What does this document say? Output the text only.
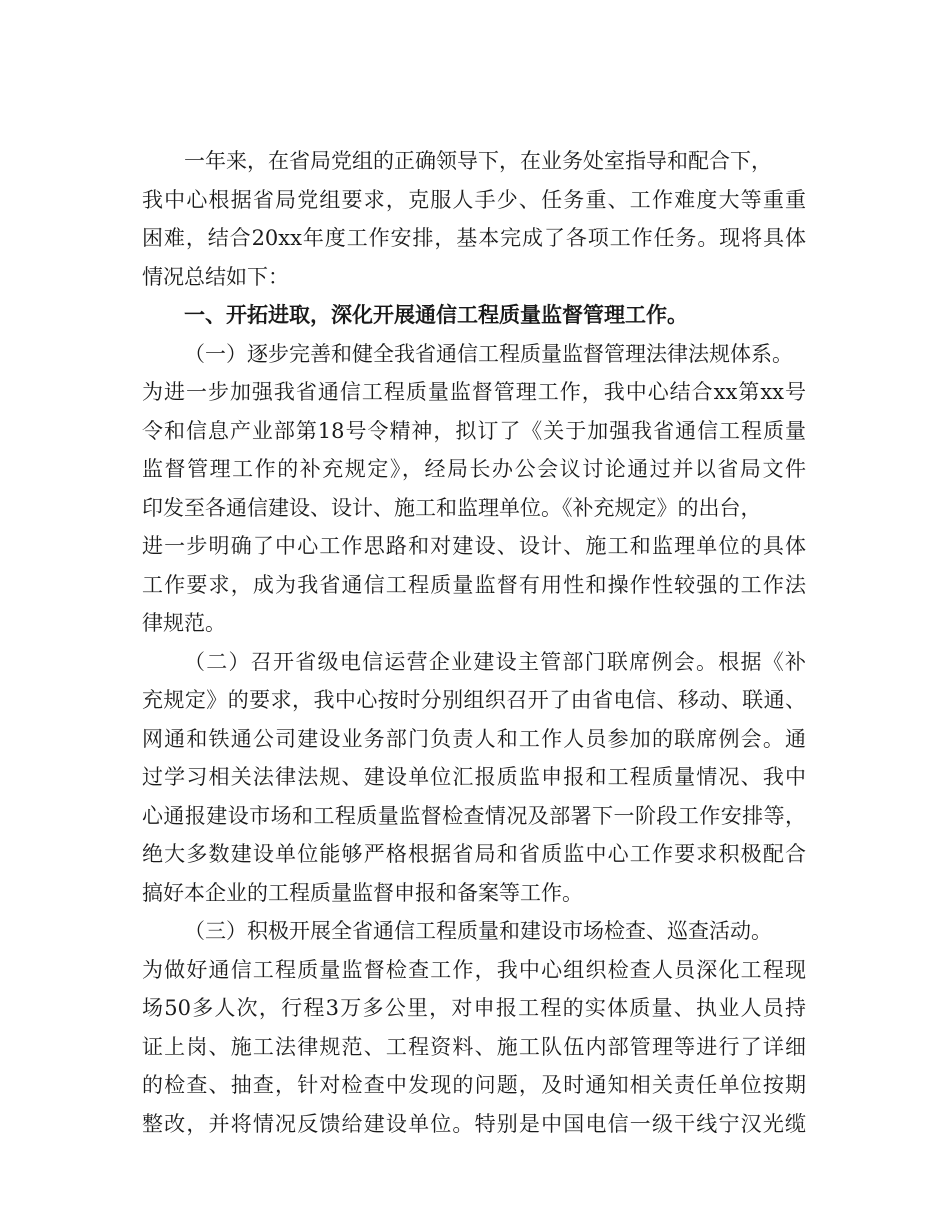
一年来，在省局党组的正确领导下，在业务处室指导和配合下，
我中心根据省局党组要求，克服人手少、任务重、工作难度大等重重
困难，结合20xx年度工作安排，基本完成了各项工作任务。现将具体
情况总结如下：
一、开拓进取，深化开展通信工程质量监督管理工作。
（一）逐步完善和健全我省通信工程质量监督管理法律法规体系。
为进一步加强我省通信工程质量监督管理工作，我中心结合xx第xx号
令和信息产业部第18号令精神，拟订了《关于加强我省通信工程质量
监督管理工作的补充规定》，经局长办公会议讨论通过并以省局文件
印发至各通信建设、设计、施工和监理单位。《补充规定》的出台，
进一步明确了中心工作思路和对建设、设计、施工和监理单位的具体
工作要求，成为我省通信工程质量监督有用性和操作性较强的工作法
律规范。
（二）召开省级电信运营企业建设主管部门联席例会。根据《补
充规定》的要求，我中心按时分别组织召开了由省电信、移动、联通、
网通和铁通公司建设业务部门负责人和工作人员参加的联席例会。通
过学习相关法律法规、建设单位汇报质监申报和工程质量情况、我中
心通报建设市场和工程质量监督检查情况及部署下一阶段工作安排等，
绝大多数建设单位能够严格根据省局和省质监中心工作要求积极配合
搞好本企业的工程质量监督申报和备案等工作。
（三）积极开展全省通信工程质量和建设市场检查、巡查活动。
为做好通信工程质量监督检查工作，我中心组织检查人员深化工程现
场50多人次，行程3万多公里，对申报工程的实体质量、执业人员持
证上岗、施工法律规范、工程资料、施工队伍内部管理等进行了详细
的检查、抽查，针对检查中发现的问题，及时通知相关责任单位按期
整改，并将情况反馈给建设单位。特别是中国电信一级干线宁汉光缆
